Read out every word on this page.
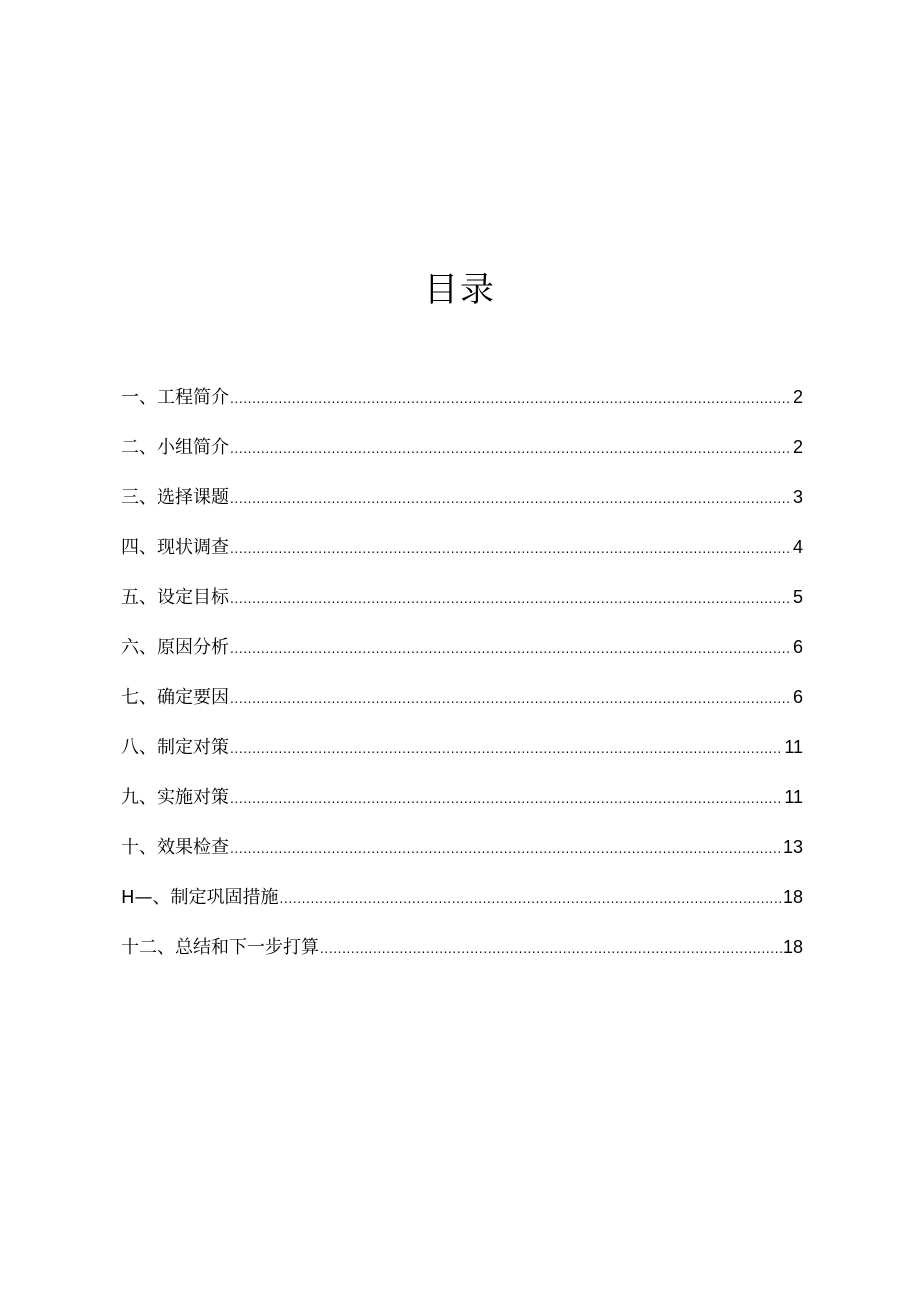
目录
一、工程简介 .....	2
二、小组简介 .....	2
三、选择课题 .....	3
四、现状调查 .....	4
五、设定目标 .....	5
六、原因分析 .....	6
七、确定要因 .....	6
八、制定对策 .....	11
九、实施对策 .....	11
十、效果检查 .....	13
H—、制定巩固措施 .....	18
十二、总结和下一步打算 .....	18
